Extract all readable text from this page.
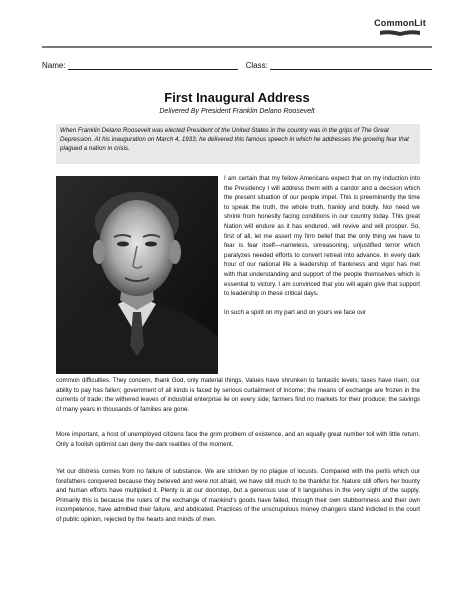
CommonLit
Name:	Class:
First Inaugural Address
Delivered By President Franklin Delano Roosevelt

When Franklin Delano Roosevelt was elected President of the United States in the country was in the grips of The Great Depression. At his inauguration on March 4, 1933, he delivered this famous speech in which he addresses the growing fear that plagued a nation in crisis.

I am certain that my fellow Americans expect that on my induction into the Presidency I will address them with a candor and a decision which the present situation of our people impel. This is preeminently the time to speak the truth, the whole truth, frankly and boldly. Nor need we shrink from honestly facing conditions in our country today. This great Nation will endure as it has endured, will revive and will prosper. So, first of all, let me assert my firm belief that the only thing we have to fear is fear itself—nameless, unreasoning, unjustified terror which paralyzes needed efforts to convert retreat into advance. In every dark hour of our national life a leadership of frankness and vigor has met with that understanding and support of the people themselves which is essential to victory. I am convinced that you will again give that support to leadership in these critical days.

In such a spirit on my part and on yours we face our

common difficulties. They concern, thank God, only material things. Values have shrunken to fantastic levels; taxes have risen; our ability to pay has fallen; government of all kinds is faced by serious curtailment of income; the means of exchange are frozen in the currents of trade; the withered leaves of industrial enterprise lie on every side; farmers find no markets for their produce; the savings of many years in thousands of families are gone.

More important, a host of unemployed citizens face the grim problem of existence, and an equally great number toil with little return. Only a foolish optimist can deny the dark realities of the moment.

Yet our distress comes from no failure of substance. We are stricken by no plague of locusts. Compared with the perils which our forefathers conquered because they believed and were not afraid, we have still much to be thankful for. Nature still offers her bounty and human efforts have multiplied it. Plenty is at our doorstep, but a generous use of it languishes in the very sight of the supply. Primarily this is because the rulers of the exchange of mankind’s goods have failed, through their own stubbornness and their own incompetence, have admitted their failure, and abdicated. Practices of the unscrupulous money changers stand indicted in the court of public opinion, rejected by the hearts and minds of men.
